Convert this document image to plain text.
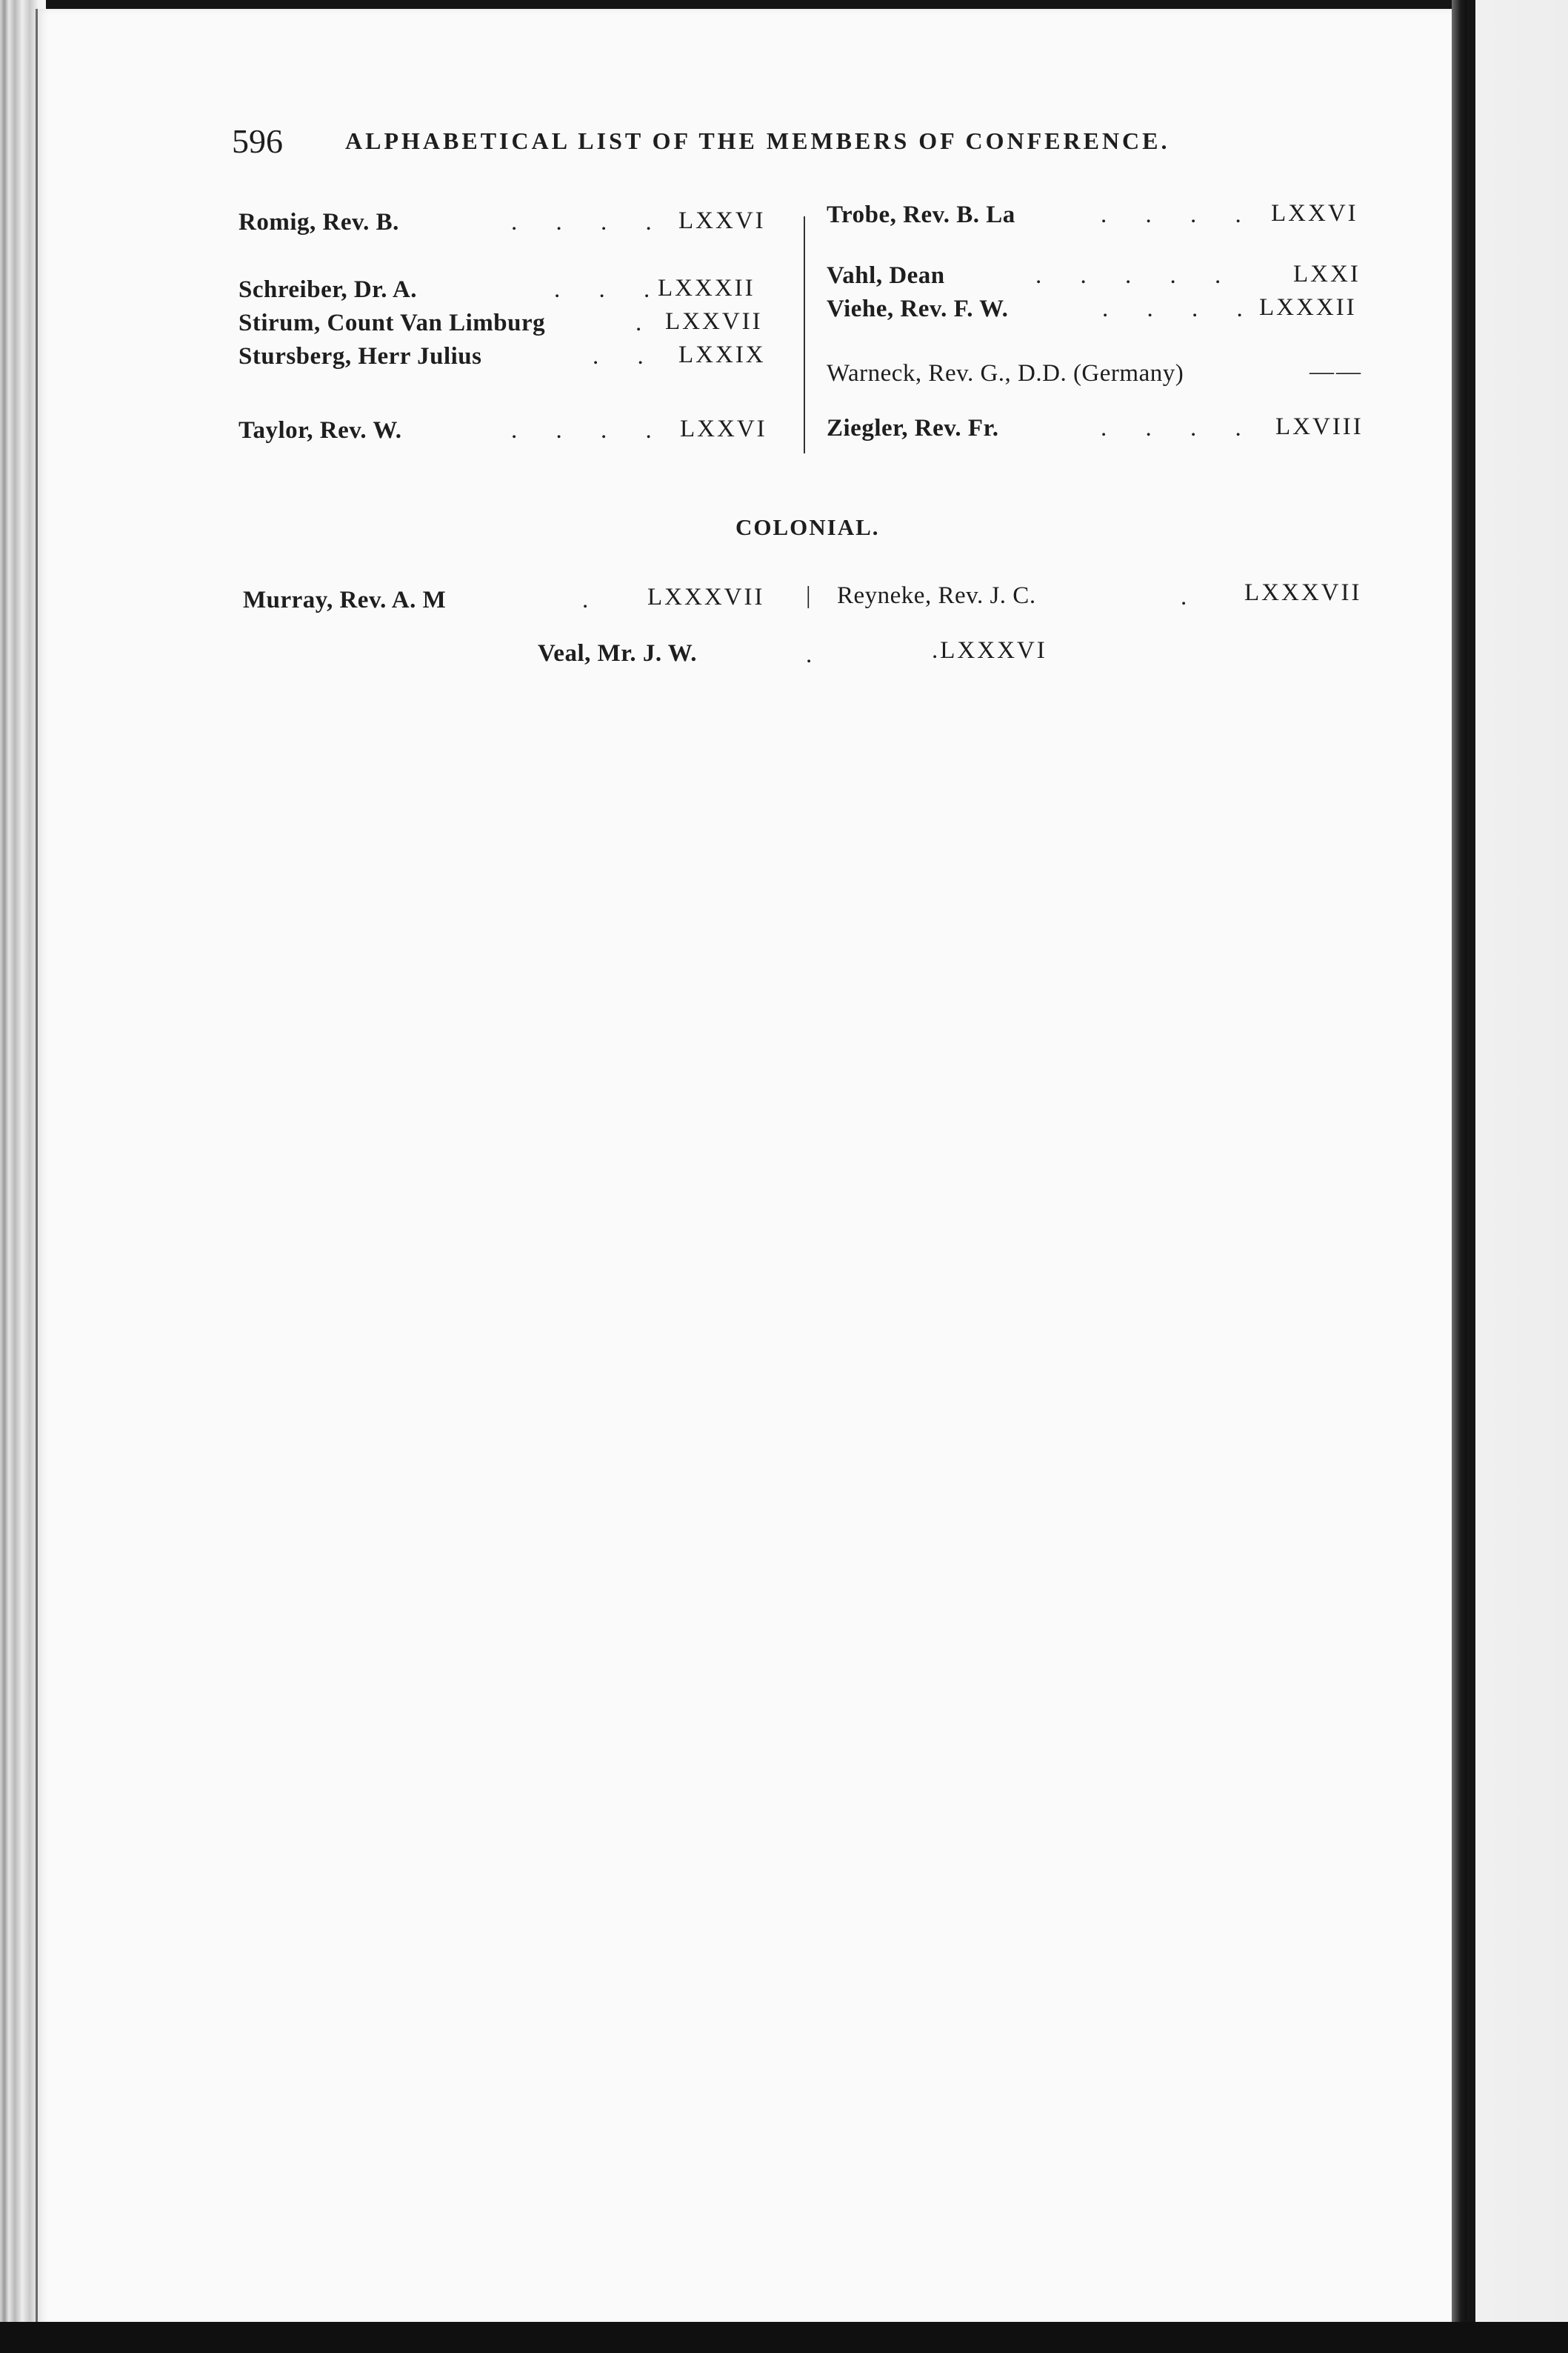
596	ALPHABETICAL LIST OF THE MEMBERS OF CONFERENCE.
Romig, Rev. B.	. . . . LXXVI
Schreiber, Dr. A.	. . . LXXXII
Stirum, Count Van Limburg	. LXXVII
Stursberg, Herr Julius	. . LXXIX
Taylor, Rev. W.	. . . . LXXVI
Trobe, Rev. B. La	. . . . LXXVI
Vahl, Dean	. . . . .	LXXI
Viehe, Rev. F. W.	. . . . LXXXII
Warneck, Rev. G., D.D. (Germany)	——
Ziegler, Rev. Fr.	. . . . LXVIII
COLONIAL.
Murray, Rev. A. M	. LXXXVII | Reyneke, Rev. J. C.	. LXXXVII
Veal, Mr. J. W.	.	.LXXXVI
